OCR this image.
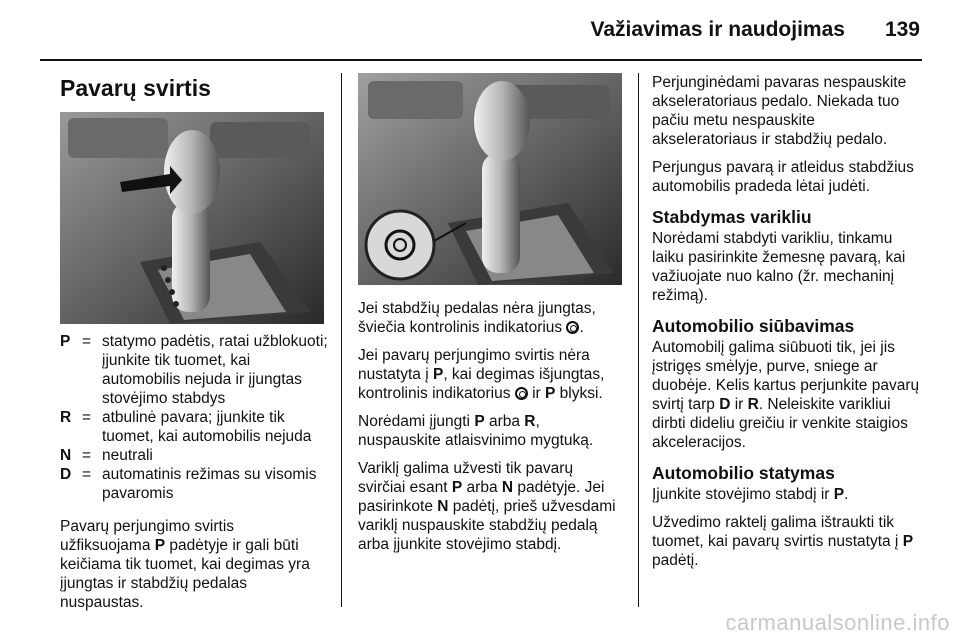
Važiavimas ir naudojimas 139
Pavarų svirtis
P = statymo padėtis, ratai užblokuoti; įjunkite tik tuomet, kai automobilis nejuda ir įjungtas stovėjimo stabdys
R = atbulinė pavara; įjunkite tik tuomet, kai automobilis nejuda
N = neutrali
D = automatinis režimas su visomis pavaromis

Pavarų perjungimo svirtis užfiksuojama P padėtyje ir gali būti keičiama tik tuomet, kai degimas yra įjungtas ir stabdžių pedalas nuspaustas.

Jei stabdžių pedalas nėra įjungtas, šviečia kontrolinis indikatorius .

Jei pavarų perjungimo svirtis nėra nustatyta į P, kai degimas išjungtas, kontrolinis indikatorius  ir P blyksi.

Norėdami įjungti P arba R, nuspauskite atlaisvinimo mygtuką.

Variklį galima užvesti tik pavarų svirčiai esant P arba N padėtyje. Jei pasirinkote N padėtį, prieš užvesdami variklį nuspauskite stabdžių pedalą arba įjunkite stovėjimo stabdį.

Perjunginėdami pavaras nespauskite akseleratoriaus pedalo. Niekada tuo pačiu metu nespauskite akseleratoriaus ir stabdžių pedalo.

Perjungus pavarą ir atleidus stabdžius automobilis pradeda lėtai judėti.

Stabdymas varikliu

Norėdami stabdyti varikliu, tinkamu laiku pasirinkite žemesnę pavarą, kai važiuojate nuo kalno (žr. mechaninį režimą).

Automobilio siūbavimas

Automobilį galima siūbuoti tik, jei jis įstrigęs smėlyje, purve, sniege ar duobėje. Kelis kartus perjunkite pavarų svirtį tarp D ir R. Neleiskite varikliui dirbti dideliu greičiu ir venkite staigios akceleracijos.

Automobilio statymas

Įjunkite stovėjimo stabdį ir P.

Užvedimo raktelį galima ištraukti tik tuomet, kai pavarų svirtis nustatyta į P padėtį.

carmanualsonline.info
